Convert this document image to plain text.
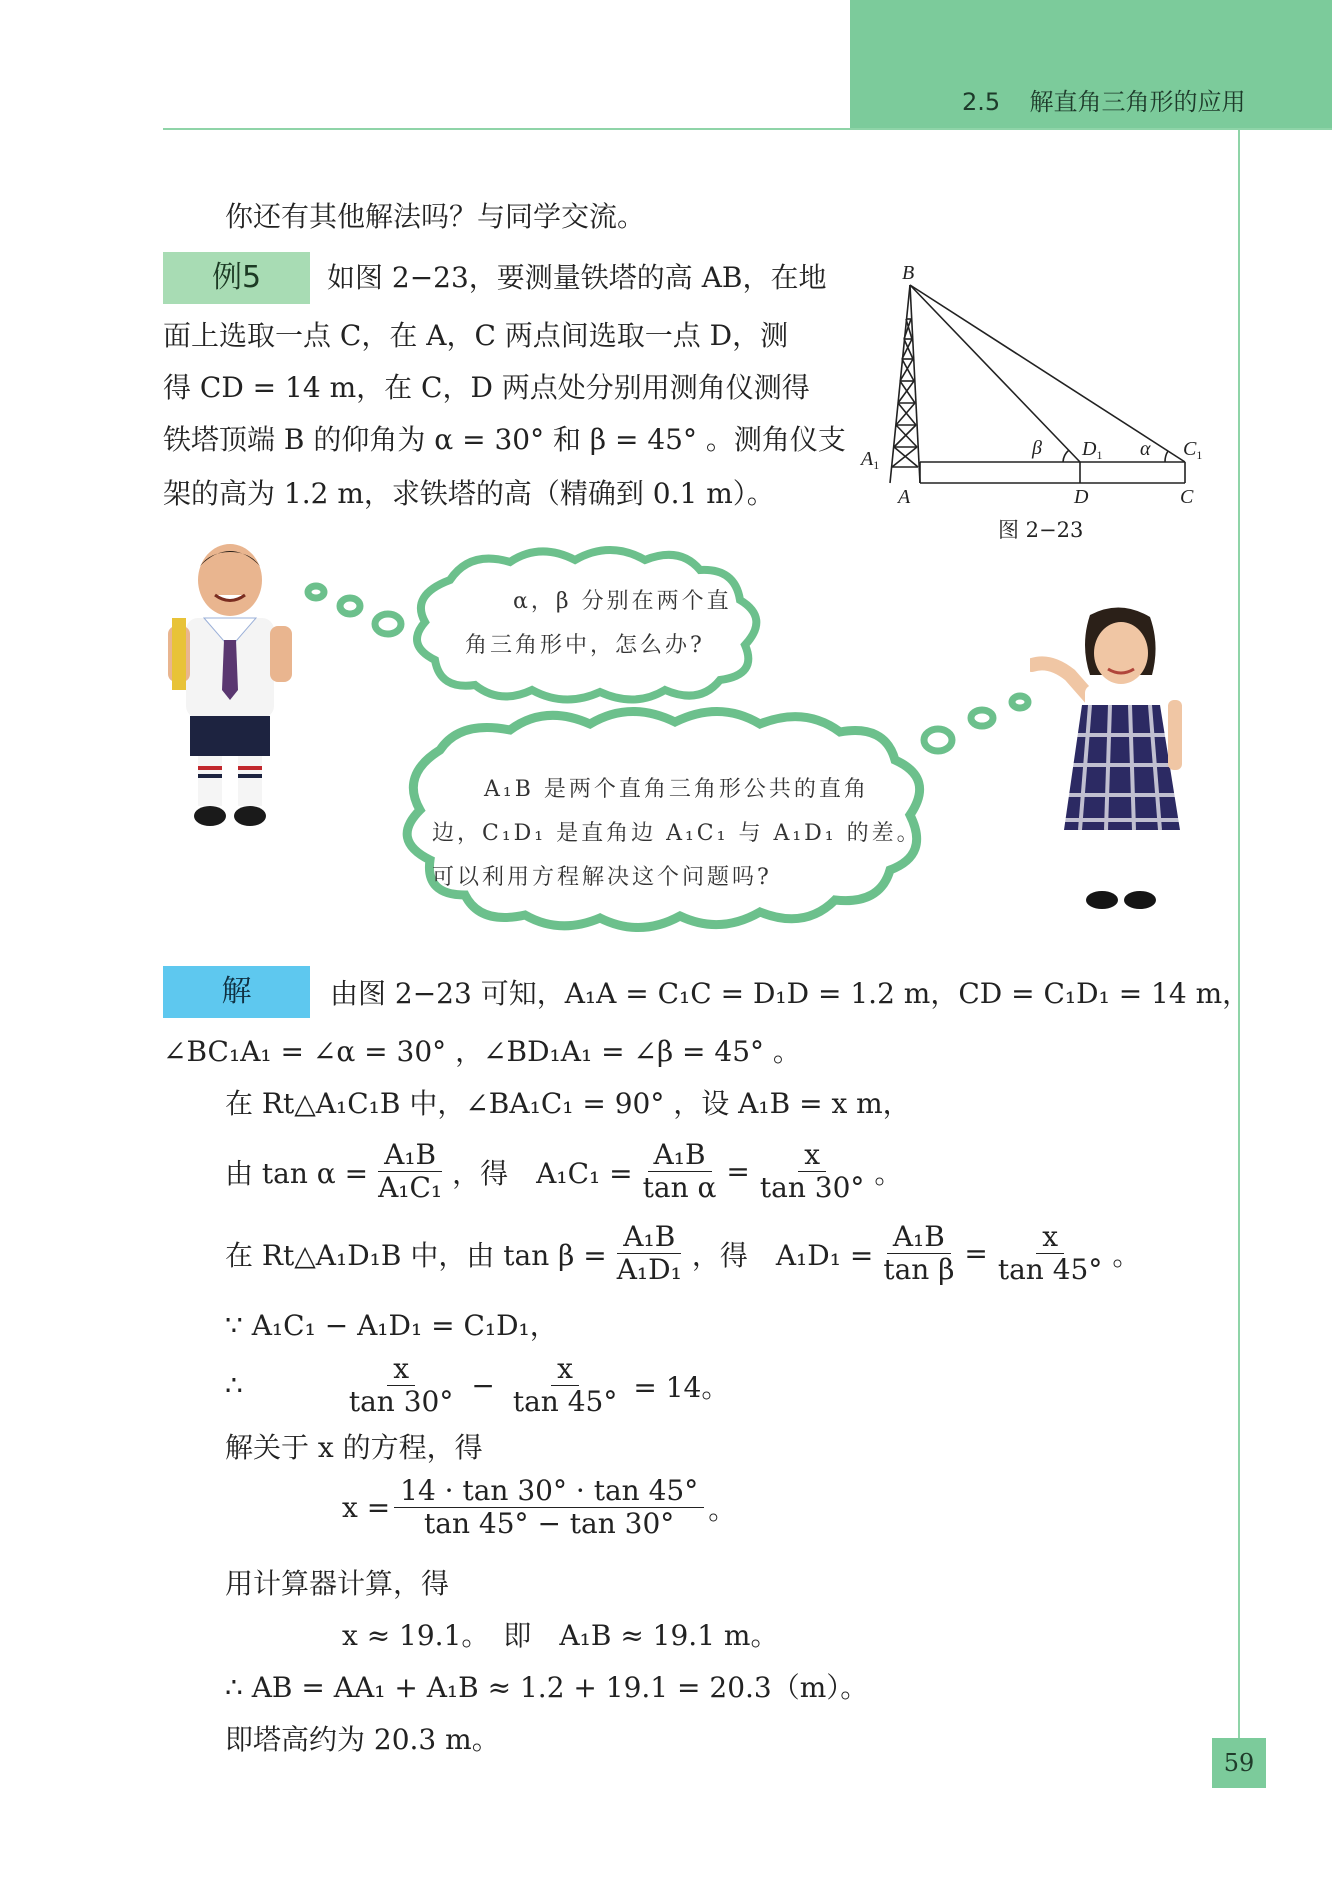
2.5 解直角三角形的应用
你还有其他解法吗？与同学交流。
例5	如图 2−23，要测量铁塔的高 AB，在地
面上选取一点 C，在 A，C 两点间选取一点 D，测
得 CD = 14 m，在 C，D 两点处分别用测角仪测得
铁塔顶端 B 的仰角为 α = 30° 和 β = 45° 。测角仪支
架的高为 1.2 m，求铁塔的高（精确到 0.1 m）。
B
$A_1$
A	D	C
$D_1$	$C_1$
β	α
图 2−23
α，β 分别在两个直
角三角形中，怎么办?
A₁B 是两个直角三角形公共的直角
边，C₁D₁ 是直角边 A₁C₁ 与 A₁D₁ 的差。
可以利用方程解决这个问题吗?
解	由图 2−23 可知，A₁A = C₁C = D₁D = 1.2 m，CD = C₁D₁ = 14 m，
∠BC₁A₁ = ∠α = 30° ，∠BD₁A₁ = ∠β = 45° 。
在 Rt△A₁C₁B 中，∠BA₁C₁ = 90° ，设 A₁B = x m，
由 $\tan \alpha = \frac{\text{A₁B}}{\text{A₁C₁}}$ ，得　$A_1C_1 = \frac{\text{A₁B}}{\text{tan α}} = \frac{x}{\tan 30^\circ}$ 。
在 Rt△A₁D₁B 中，由 $\tan \beta = \frac{\text{A₁B}}{\text{A₁D₁}}$ ，得　$A_1D_1 = \frac{\text{A₁B}}{\text{tan β}} = \frac{x}{\tan 45^\circ}$ 。
∵ A₁C₁ − A₁D₁ = C₁D₁，
∴	$\frac{x}{\tan 30^\circ} - \frac{x}{\tan 45^\circ} = 14$。
解关于 x 的方程，得
$x = \frac{14 \cdot \tan 30^\circ \cdot \tan 45^\circ}{\tan 45^\circ - \tan 30^\circ}$ 。
用计算器计算，得
x ≈ 19.1。　即　A₁B ≈ 19.1 m。
∴ AB = AA₁ + A₁B ≈ 1.2 + 19.1 = 20.3（m）。
即塔高约为 20.3 m。
59
